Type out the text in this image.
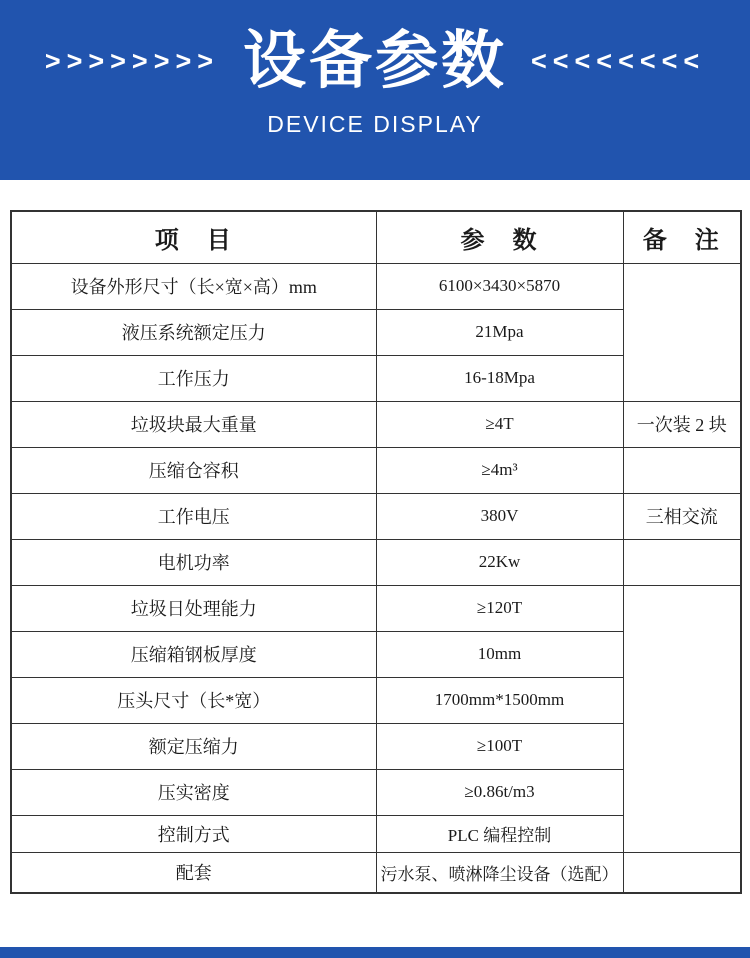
>>>>>>>> 设备参数 <<<<<<<<
DEVICE DISPLAY
项　目	参　数	备　注
设备外形尺寸（长×宽×高）mm	6100×3430×5870	
液压系统额定压力	21Mpa	
工作压力	16-18Mpa	
垃圾块最大重量	≥4T	一次装 2 块
压缩仓容积	≥4m³	
工作电压	380V	三相交流
电机功率	22Kw	
垃圾日处理能力	≥120T	
压缩箱钢板厚度	10mm	
压头尺寸（长*宽）	1700mm*1500mm	
额定压缩力	≥100T	
压实密度	≥0.86t/m3	
控制方式	PLC 编程控制	
配套	污水泵、喷淋降尘设备（选配）	
